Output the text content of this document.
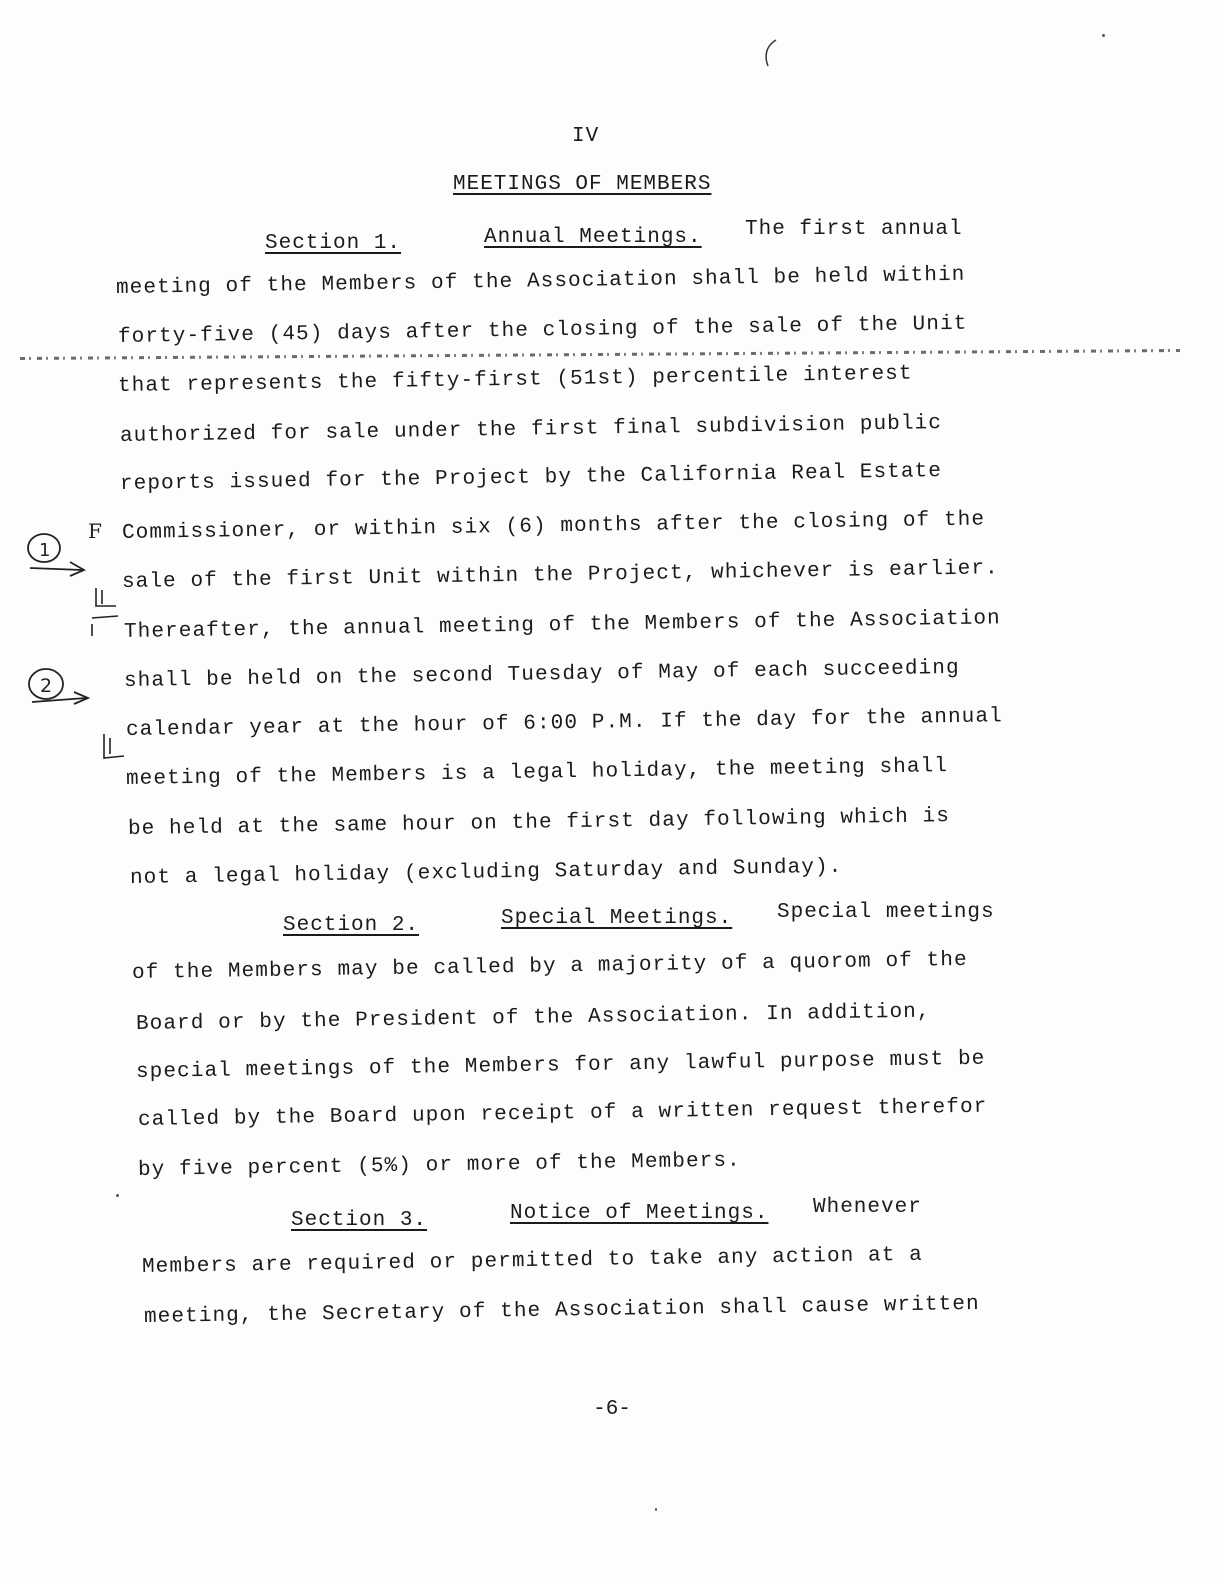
IV
MEETINGS OF MEMBERS
Section 1.	Annual Meetings. The first annual
meeting of the Members of the Association shall be held within
forty-five (45) days after the closing of the sale of the Unit
that represents the fifty-first (51st) percentile interest
authorized for sale under the first final subdivision public
reports issued for the Project by the California Real Estate
Commissioner, or within six (6) months after the closing of the
sale of the first Unit within the Project, whichever is earlier.
Thereafter, the annual meeting of the Members of the Association
shall be held on the second Tuesday of May of each succeeding
calendar year at the hour of 6:00 P.M. If the day for the annual
meeting of the Members is a legal holiday, the meeting shall
be held at the same hour on the first day following which is
not a legal holiday (excluding Saturday and Sunday).
Section 2.	Special Meetings. Special meetings
of the Members may be called by a majority of a quorom of the
Board or by the President of the Association. In addition,
special meetings of the Members for any lawful purpose must be
called by the Board upon receipt of a written request therefor
by five percent (5%) or more of the Members.
Section 3.	Notice of Meetings. Whenever
Members are required or permitted to take any action at a
meeting, the Secretary of the Association shall cause written
-6-
1
F
2
L
